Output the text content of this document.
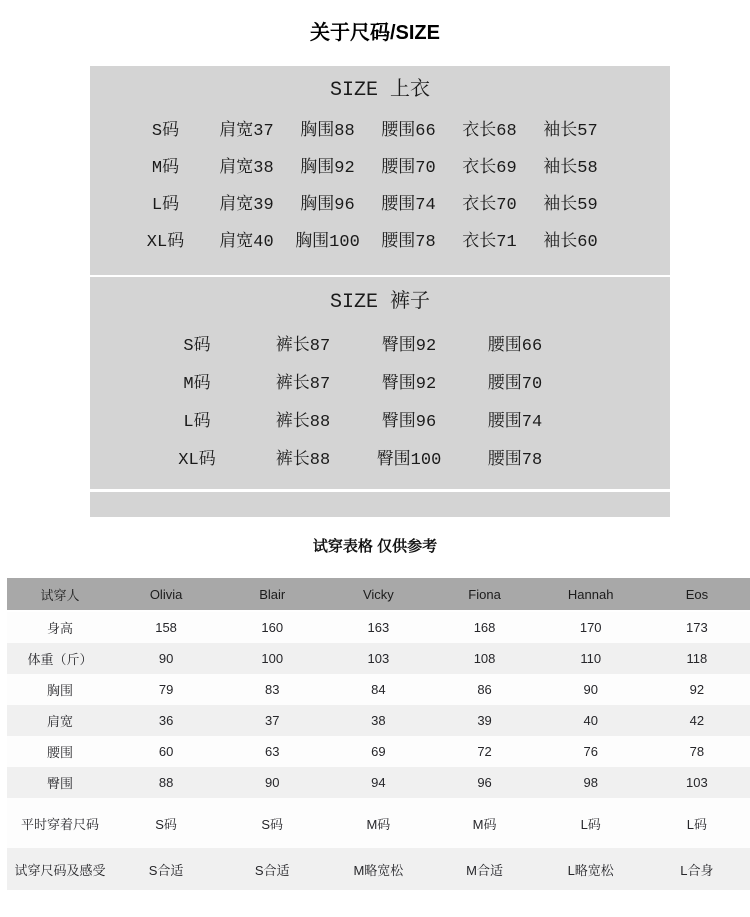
关于尺码/SIZE
SIZE 上衣
S码	肩宽37	胸围88	腰围66	衣长68	袖长57
M码	肩宽38	胸围92	腰围70	衣长69	袖长58
L码	肩宽39	胸围96	腰围74	衣长70	袖长59
XL码	肩宽40	胸围100	腰围78	衣长71	袖长60
SIZE 裤子
S码	裤长87	臀围92	腰围66
M码	裤长87	臀围92	腰围70
L码	裤长88	臀围96	腰围74
XL码	裤长88	臀围100	腰围78
试穿表格 仅供参考
试穿人	Olivia	Blair	Vicky	Fiona	Hannah	Eos
身高	158	160	163	168	170	173
体重（斤）	90	100	103	108	110	118
胸围	79	83	84	86	90	92
肩宽	36	37	38	39	40	42
腰围	60	63	69	72	76	78
臀围	88	90	94	96	98	103
平时穿着尺码	S码	S码	M码	M码	L码	L码
试穿尺码及感受	S合适	S合适	M略宽松	M合适	L略宽松	L合身
